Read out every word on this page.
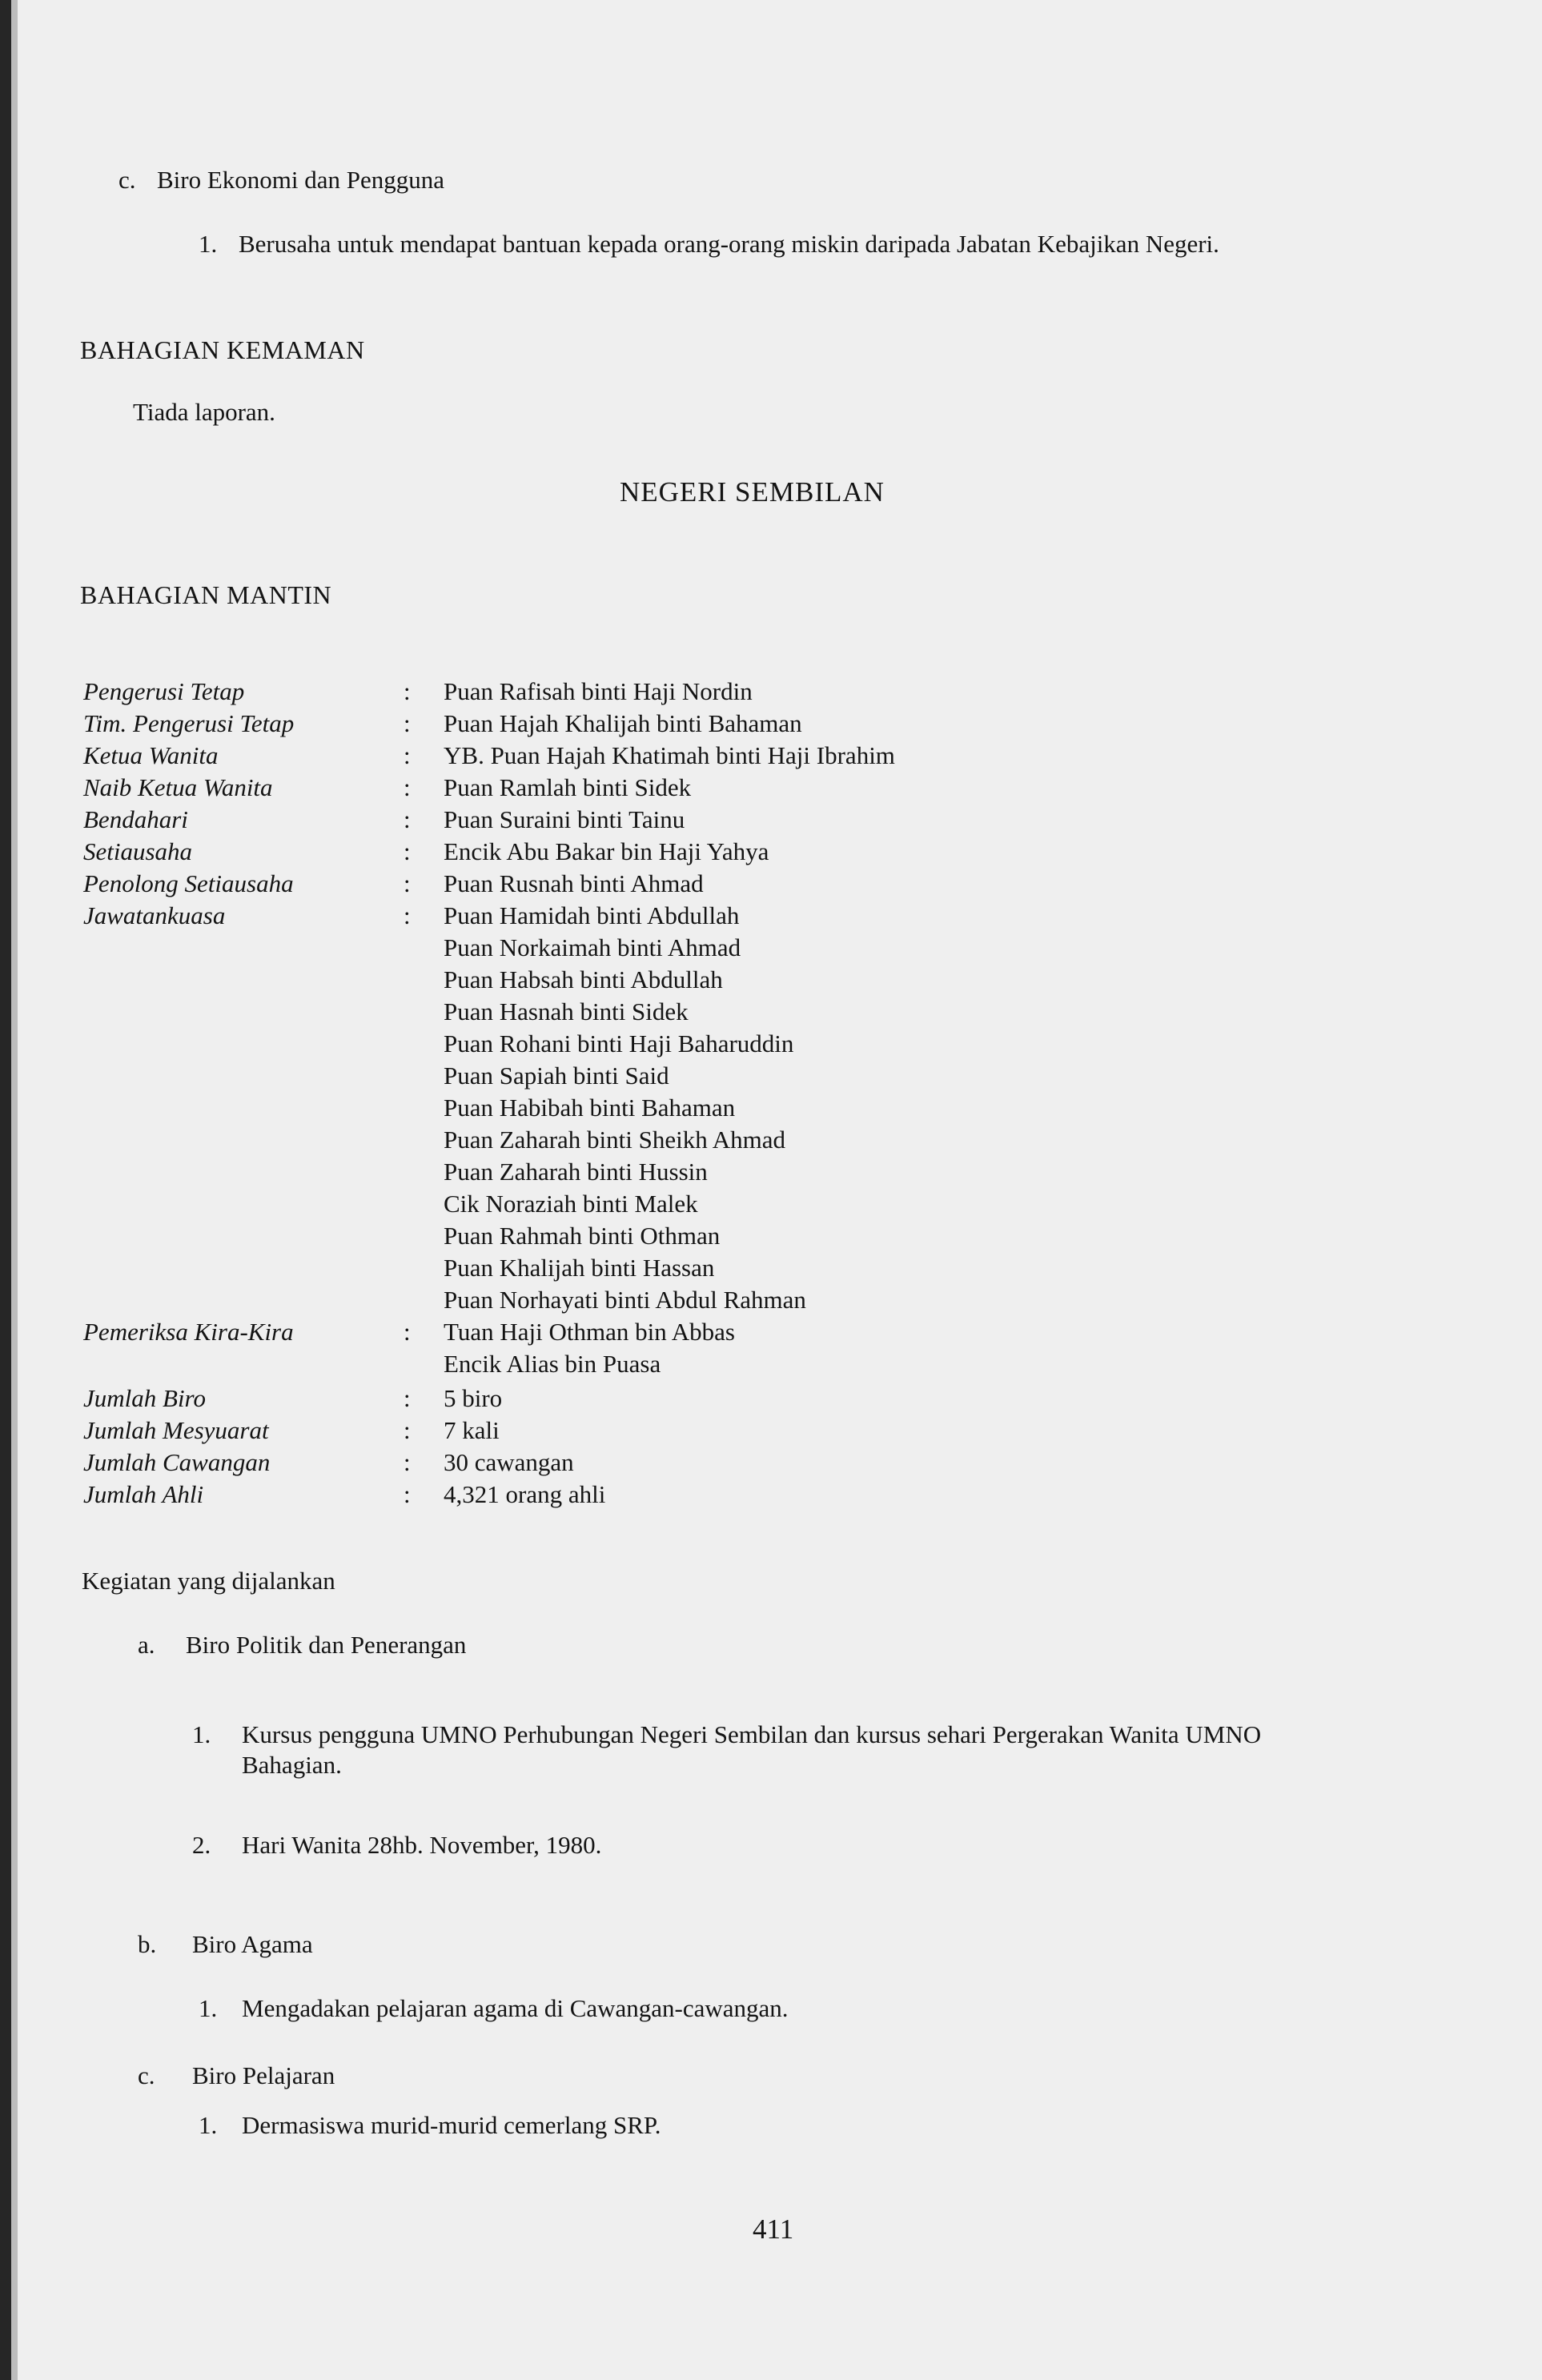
c. Biro Ekonomi dan Pengguna
1. Berusaha untuk mendapat bantuan kepada orang-orang miskin daripada Jabatan Kebajikan Negeri.
BAHAGIAN KEMAMAN
Tiada laporan.
NEGERI SEMBILAN
BAHAGIAN MANTIN
Pengerusi Tetap
Tim. Pengerusi Tetap
Ketua Wanita
Naib Ketua Wanita
Bendahari
Setiausaha
Penolong Setiausaha
Jawatankuasa
Pemeriksa Kira-Kira
:
:
:
:
:
:
:
:
:
Puan Rafisah binti Haji Nordin
Puan Hajah Khalijah binti Bahaman
YB. Puan Hajah Khatimah binti Haji Ibrahim
Puan Ramlah binti Sidek
Puan Suraini binti Tainu
Encik Abu Bakar bin Haji Yahya
Puan Rusnah binti Ahmad
Puan Hamidah binti Abdullah
Puan Norkaimah binti Ahmad
Puan Habsah binti Abdullah
Puan Hasnah binti Sidek
Puan Rohani binti Haji Baharuddin
Puan Sapiah binti Said
Puan Habibah binti Bahaman
Puan Zaharah binti Sheikh Ahmad
Puan Zaharah binti Hussin
Cik Noraziah binti Malek
Puan Rahmah binti Othman
Puan Khalijah binti Hassan
Puan Norhayati binti Abdul Rahman
Tuan Haji Othman bin Abbas
Encik Alias bin Puasa
Jumlah Biro
Jumlah Mesyuarat
Jumlah Cawangan
Jumlah Ahli
:
:
:
:
5 biro
7 kali
30 cawangan
4,321 orang ahli
Kegiatan yang dijalankan
a. Biro Politik dan Penerangan
1. Kursus pengguna UMNO Perhubungan Negeri Sembilan dan kursus sehari Pergerakan Wanita UMNO
Bahagian.
2. Hari Wanita 28hb. November, 1980.
b. Biro Agama
1. Mengadakan pelajaran agama di Cawangan-cawangan.
c. Biro Pelajaran
1. Dermasiswa murid-murid cemerlang SRP.
411
